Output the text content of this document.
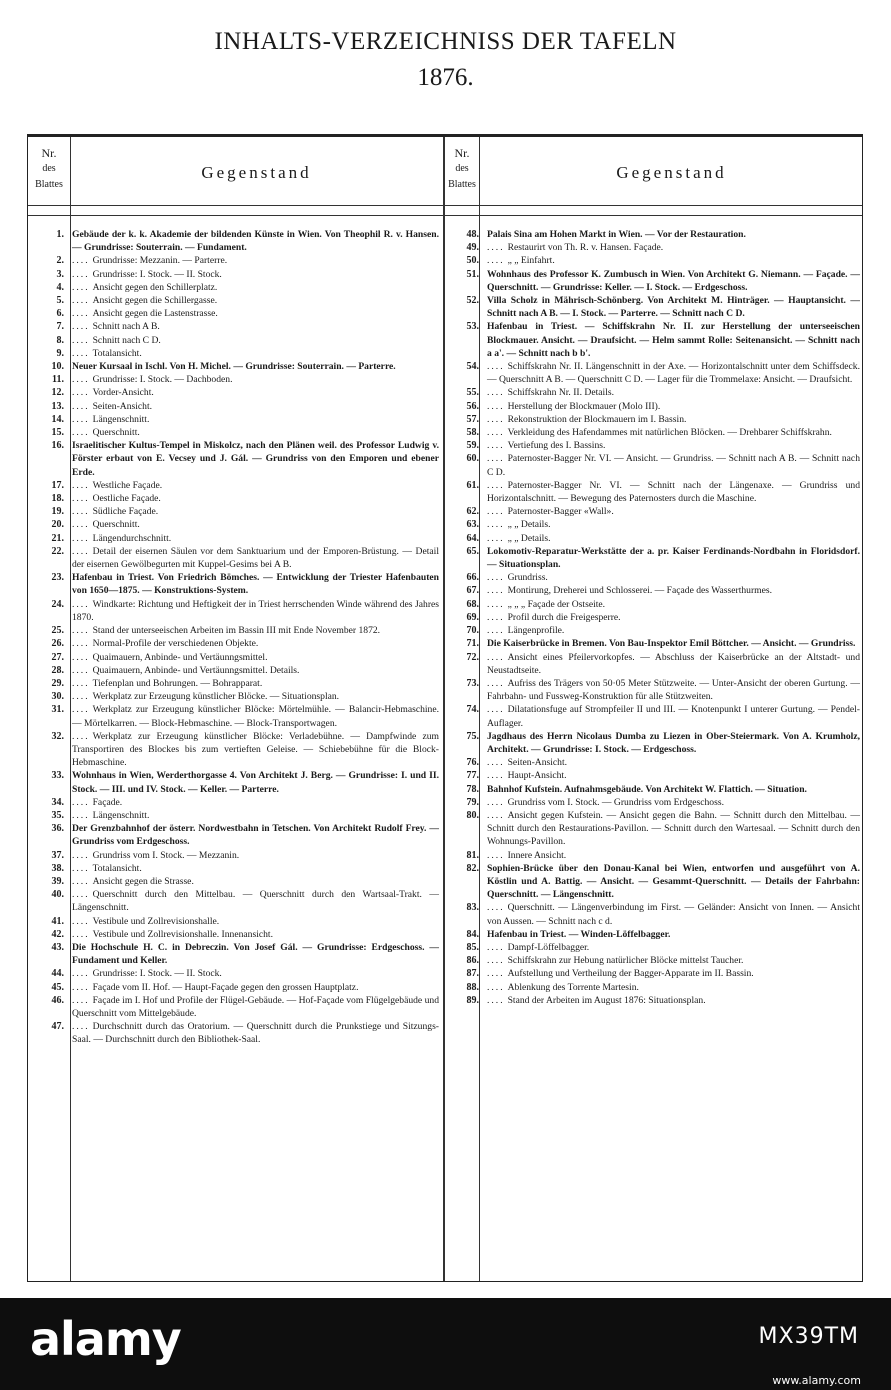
INHALTS-VERZEICHNISS DER TAFELN
1876.
Nr.
des
Blattes
Gegenstand
Nr.
des
Blattes
Gegenstand
1. Gebäude der k. k. Akademie der bildenden Künste in Wien. Von Theophil R. v. Hansen. — Grundrisse: Souterrain. — Fundament.
2. .... Grundrisse: Mezzanin. — Parterre.
3. .... Grundrisse: I. Stock. — II. Stock.
4. .... Ansicht gegen den Schillerplatz.
5. .... Ansicht gegen die Schillergasse.
6. .... Ansicht gegen die Lastenstrasse.
7. .... Schnitt nach A B.
8. .... Schnitt nach C D.
9. .... Totalansicht.
10. Neuer Kursaal in Ischl. Von H. Michel. — Grundrisse: Souterrain. — Parterre.
11. .... Grundrisse: I. Stock. — Dachboden.
12. .... Vorder-Ansicht.
13. .... Seiten-Ansicht.
14. .... Längenschnitt.
15. .... Querschnitt.
16. Israelitischer Kultus-Tempel in Miskolcz, nach den Plänen weil. des Professor Ludwig v. Förster erbaut von E. Vecsey und J. Gál. — Grundriss von den Emporen und ebener Erde.
17. .... Westliche Façade.
18. .... Oestliche Façade.
19. .... Südliche Façade.
20. .... Querschnitt.
21. .... Längendurchschnitt.
22. .... Detail der eisernen Säulen vor dem Sanktuarium und der Emporen-Brüstung. — Detail der eisernen Gewölbegurten mit Kuppel-Gesims bei A B.
23. Hafenbau in Triest. Von Friedrich Bömches. — Entwicklung der Triester Hafenbauten von 1650—1875. — Konstruktions-System.
24. .... Windkarte: Richtung und Heftigkeit der in Triest herrschenden Winde während des Jahres 1870.
25. .... Stand der unterseeischen Arbeiten im Bassin III mit Ende November 1872.
26. .... Normal-Profile der verschiedenen Objekte.
27. .... Quaimauern, Anbinde- und Vertäunngsmittel.
28. .... Quaimauern, Anbinde- und Vertäunngsmittel. Details.
29. .... Tiefenplan und Bohrungen. — Bohrapparat.
30. .... Werkplatz zur Erzeugung künstlicher Blöcke. — Situationsplan.
31. .... Werkplatz zur Erzeugung künstlicher Blöcke: Mörtelmühle. — Balancir-Hebmaschine. — Mörtelkarren. — Block-Hebmaschine. — Block-Transportwagen.
32. .... Werkplatz zur Erzeugung künstlicher Blöcke: Verladebühne. — Dampfwinde zum Transportiren des Blockes bis zum vertieften Geleise. — Schiebebühne für die Block-Hebmaschine.
33. Wohnhaus in Wien, Werderthorgasse 4. Von Architekt J. Berg. — Grundrisse: I. und II. Stock. — III. und IV. Stock. — Keller. — Parterre.
34. .... Façade.
35. .... Längenschnitt.
36. Der Grenzbahnhof der österr. Nordwestbahn in Tetschen. Von Architekt Rudolf Frey. — Grundriss vom Erdgeschoss.
37. .... Grundriss vom I. Stock. — Mezzanin.
38. .... Totalansicht.
39. .... Ansicht gegen die Strasse.
40. .... Querschnitt durch den Mittelbau. — Querschnitt durch den Wartsaal-Trakt. — Längenschnitt.
41. .... Vestibule und Zollrevisionshalle.
42. .... Vestibule und Zollrevisionshalle. Innenansicht.
43. Die Hochschule H. C. in Debreczin. Von Josef Gál. — Grundrisse: Erdgeschoss. — Fundament und Keller.
44. .... Grundrisse: I. Stock. — II. Stock.
45. .... Façade vom II. Hof. — Haupt-Façade gegen den grossen Hauptplatz.
46. .... Façade im I. Hof und Profile der Flügel-Gebäude. — Hof-Façade vom Flügelgebäude und Querschnitt vom Mittelgebäude.
47. .... Durchschnitt durch das Oratorium. — Querschnitt durch die Prunkstiege und Sitzungs-Saal. — Durchschnitt durch den Bibliothek-Saal.
48. Palais Sina am Hohen Markt in Wien. — Vor der Restauration.
49. .... Restaurirt von Th. R. v. Hansen. Façade.
50. .... „ „ Einfahrt.
51. Wohnhaus des Professor K. Zumbusch in Wien. Von Architekt G. Niemann. — Façade. — Querschnitt. — Grundrisse: Keller. — I. Stock. — Erdgeschoss.
52. Villa Scholz in Mährisch-Schönberg. Von Architekt M. Hinträger. — Hauptansicht. — Schnitt nach A B. — I. Stock. — Parterre. — Schnitt nach C D.
53. Hafenbau in Triest. — Schiffskrahn Nr. II. zur Herstellung der unterseeischen Blockmauer. Ansicht. — Draufsicht. — Helm sammt Rolle: Seitenansicht. — Schnitt nach a a'. — Schnitt nach b b'.
54. .... Schiffskrahn Nr. II. Längenschnitt in der Axe. — Horizontalschnitt unter dem Schiffsdeck. — Querschnitt A B. — Querschnitt C D. — Lager für die Trommelaxe: Ansicht. — Draufsicht.
55. .... Schiffskrahn Nr. II. Details.
56. .... Herstellung der Blockmauer (Molo III).
57. .... Rekonstruktion der Blockmauern im I. Bassin.
58. .... Verkleidung des Hafendammes mit natürlichen Blöcken. — Drehbarer Schiffskrahn.
59. .... Vertiefung des I. Bassins.
60. .... Paternoster-Bagger Nr. VI. — Ansicht. — Grundriss. — Schnitt nach A B. — Schnitt nach C D.
61. .... Paternoster-Bagger Nr. VI. — Schnitt nach der Längenaxe. — Grundriss und Horizontalschnitt. — Bewegung des Paternosters durch die Maschine.
62. .... Paternoster-Bagger «Wall».
63. .... „ „ Details.
64. .... „ „ Details.
65. Lokomotiv-Reparatur-Werkstätte der a. pr. Kaiser Ferdinands-Nordbahn in Floridsdorf. — Situationsplan.
66. .... Grundriss.
67. .... Montirung, Dreherei und Schlosserei. — Façade des Wasserthurmes.
68. .... „ „ „ Façade der Ostseite.
69. .... Profil durch die Freigesperre.
70. .... Längenprofile.
71. Die Kaiserbrücke in Bremen. Von Bau-Inspektor Emil Böttcher. — Ansicht. — Grundriss.
72. .... Ansicht eines Pfeilervorkopfes. — Abschluss der Kaiserbrücke an der Altstadt- und Neustadtseite.
73. .... Aufriss des Trägers von 50·05 Meter Stützweite. — Unter-Ansicht der oberen Gurtung. — Fahrbahn- und Fussweg-Konstruktion für alle Stützweiten.
74. .... Dilatationsfuge auf Strompfeiler II und III. — Knotenpunkt I unterer Gurtung. — Pendel-Auflager.
75. Jagdhaus des Herrn Nicolaus Dumba zu Liezen in Ober-Steiermark. Von A. Krumholz, Architekt. — Grundrisse: I. Stock. — Erdgeschoss.
76. .... Seiten-Ansicht.
77. .... Haupt-Ansicht.
78. Bahnhof Kufstein. Aufnahmsgebäude. Von Architekt W. Flattich. — Situation.
79. .... Grundriss vom I. Stock. — Grundriss vom Erdgeschoss.
80. .... Ansicht gegen Kufstein. — Ansicht gegen die Bahn. — Schnitt durch den Mittelbau. — Schnitt durch den Restaurations-Pavillon. — Schnitt durch den Wartesaal. — Schnitt durch den Wohnungs-Pavillon.
81. .... Innere Ansicht.
82. Sophien-Brücke über den Donau-Kanal bei Wien, entworfen und ausgeführt von A. Köstlin und A. Battig. — Ansicht. — Gesammt-Querschnitt. — Details der Fahrbahn: Querschnitt. — Längenschnitt.
83. .... Querschnitt. — Längenverbindung im First. — Geländer: Ansicht von Innen. — Ansicht von Aussen. — Schnitt nach c d.
84. Hafenbau in Triest. — Winden-Löffelbagger.
85. .... Dampf-Löffelbagger.
86. .... Schiffskrahn zur Hebung natürlicher Blöcke mittelst Taucher.
87. .... Aufstellung und Vertheilung der Bagger-Apparate im II. Bassin.
88. .... Ablenkung des Torrente Martesin.
89. .... Stand der Arbeiten im August 1876: Situationsplan.
alamy	MX39TM
www.alamy.com
